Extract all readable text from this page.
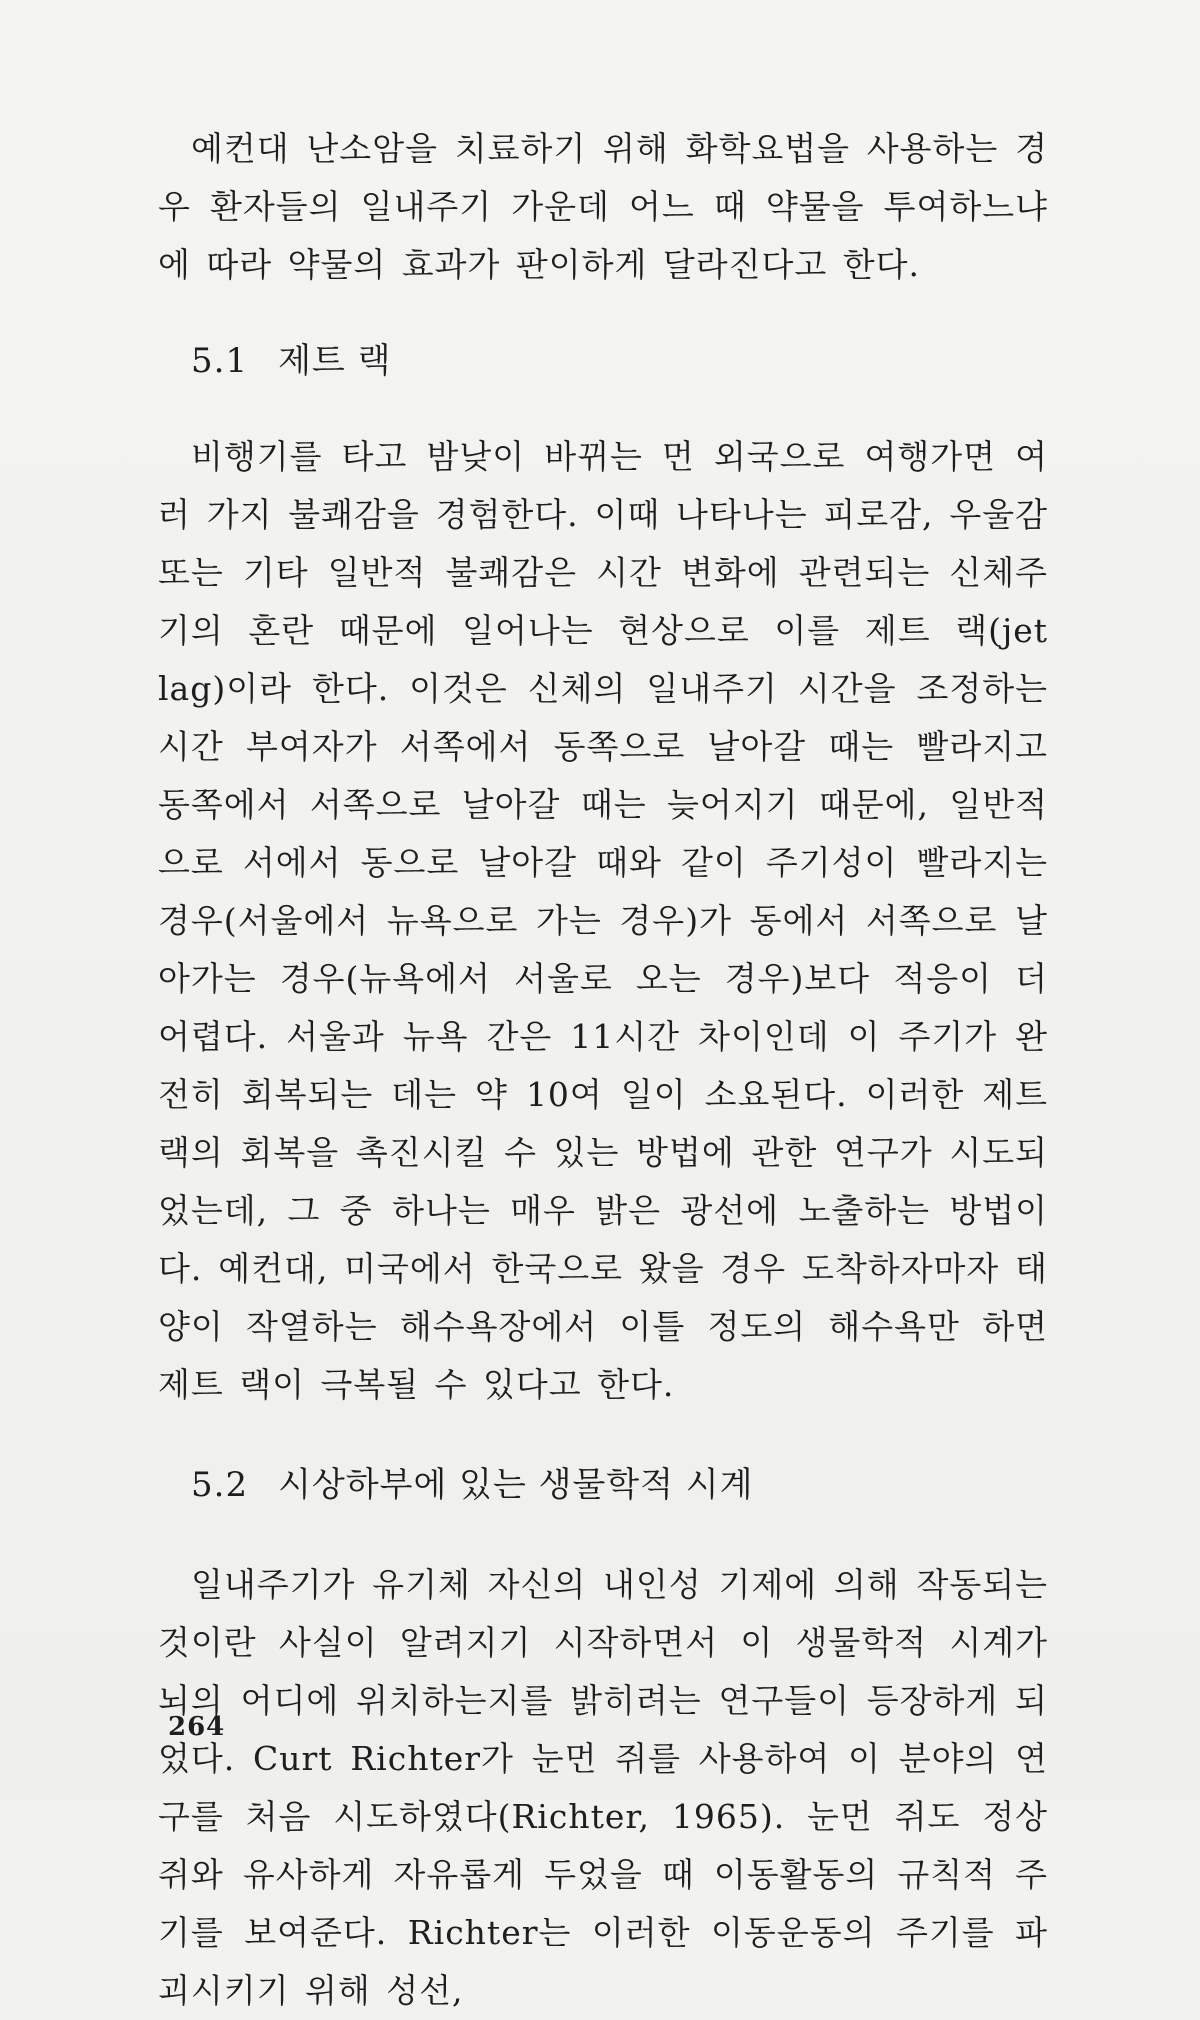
예컨대 난소암을 치료하기 위해 화학요법을 사용하는 경우 환자들의 일내주기 가운데 어느 때 약물을 투여하느냐에 따라 약물의 효과가 판이하게 달라진다고 한다.

5.1 제트 랙

비행기를 타고 밤낮이 바뀌는 먼 외국으로 여행가면 여러 가지 불쾌감을 경험한다. 이때 나타나는 피로감, 우울감 또는 기타 일반적 불쾌감은 시간 변화에 관련되는 신체주기의 혼란 때문에 일어나는 현상으로 이를 제트 랙(jet lag)이라 한다. 이것은 신체의 일내주기 시간을 조정하는 시간 부여자가 서쪽에서 동쪽으로 날아갈 때는 빨라지고 동쪽에서 서쪽으로 날아갈 때는 늦어지기 때문에, 일반적으로 서에서 동으로 날아갈 때와 같이 주기성이 빨라지는 경우(서울에서 뉴욕으로 가는 경우)가 동에서 서쪽으로 날아가는 경우(뉴욕에서 서울로 오는 경우)보다 적응이 더 어렵다. 서울과 뉴욕 간은 11시간 차이인데 이 주기가 완전히 회복되는 데는 약 10여 일이 소요된다. 이러한 제트 랙의 회복을 촉진시킬 수 있는 방법에 관한 연구가 시도되었는데, 그 중 하나는 매우 밝은 광선에 노출하는 방법이다. 예컨대, 미국에서 한국으로 왔을 경우 도착하자마자 태양이 작열하는 해수욕장에서 이틀 정도의 해수욕만 하면 제트 랙이 극복될 수 있다고 한다.

5.2 시상하부에 있는 생물학적 시계

일내주기가 유기체 자신의 내인성 기제에 의해 작동되는 것이란 사실이 알려지기 시작하면서 이 생물학적 시계가 뇌의 어디에 위치하는지를 밝히려는 연구들이 등장하게 되었다. Curt Richter가 눈먼 쥐를 사용하여 이 분야의 연구를 처음 시도하였다(Richter, 1965). 눈먼 쥐도 정상 쥐와 유사하게 자유롭게 두었을 때 이동활동의 규칙적 주기를 보여준다. Richter는 이러한 이동운동의 주기를 파괴시키기 위해 성선,

264
